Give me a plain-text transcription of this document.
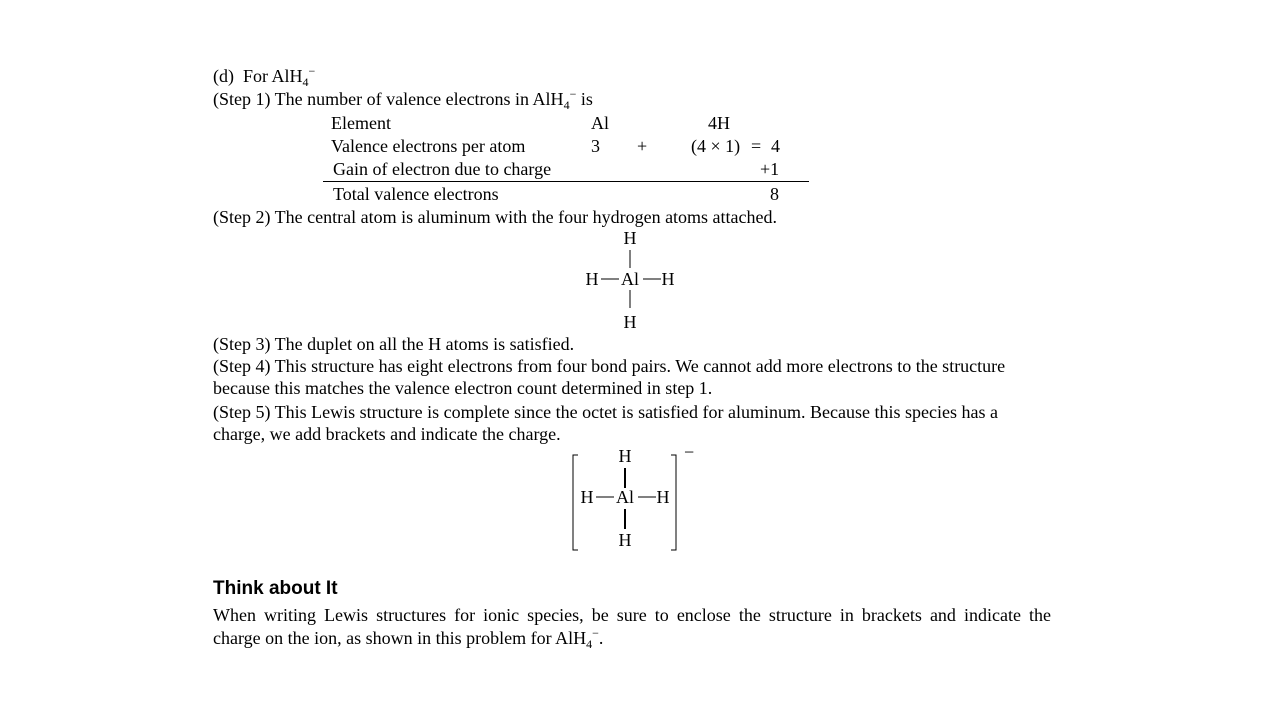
(d) For AlH$_4$−
(Step 1) The number of valence electrons in AlH$_4$− is
Element	Al	4H
Valence electrons per atom	3 + (4 × 1) = 4
Gain of electron due to charge	+1
Total valence electrons	8
(Step 2) The central atom is aluminum with the four hydrogen atoms attached.
H
H Al H
H
(Step 3) The duplet on all the H atoms is satisfied.
(Step 4) This structure has eight electrons from four bond pairs. We cannot add more electrons to the structure
because this matches the valence electron count determined in step 1.
(Step 5) This Lewis structure is complete since the octet is satisfied for aluminum. Because this species has a
charge, we add brackets and indicate the charge.
−
H
H Al H
H
Think about It
When writing Lewis structures for ionic species, be sure to enclose the structure in brackets and indicate the
charge on the ion, as shown in this problem for AlH$_4$−.
